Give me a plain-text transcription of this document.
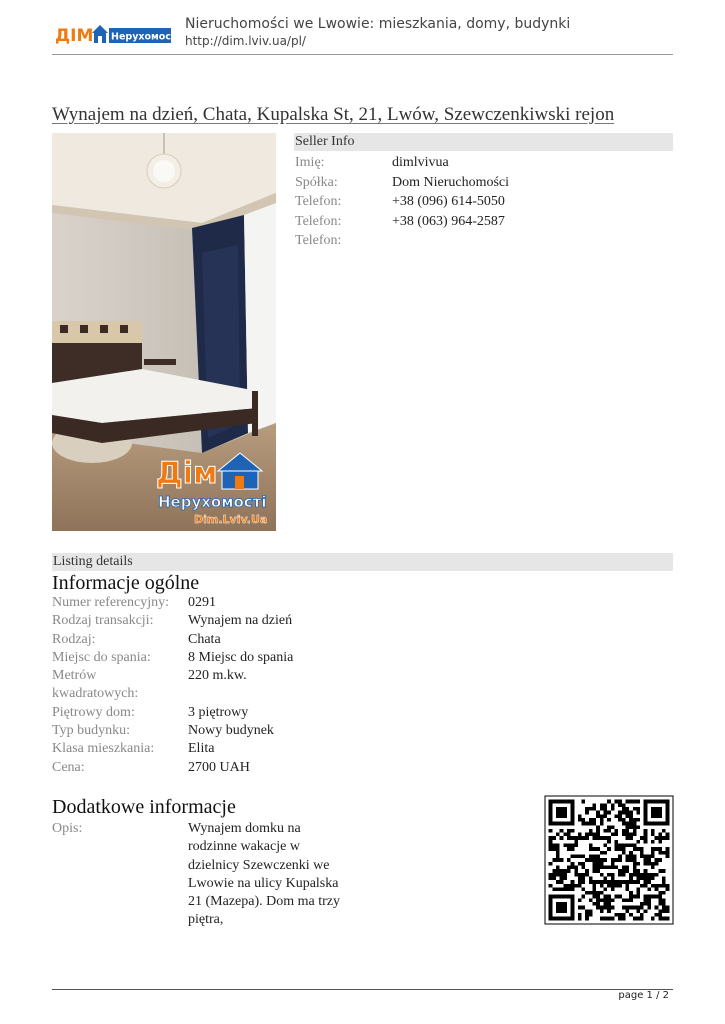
ДІМ Нерухомості
Nieruchomości we Lwowie: mieszkania, domy, budynki
http://dim.lviv.ua/pl/
Wynajem na dzień, Chata, Kupalska St, 21, Lwów, Szewczenkiwski rejon
Дім
Нерухомості
Dim.Lviv.Ua
Seller Info
Imię:	dimlvivua
Spółka:	Dom Nieruchomości
Telefon:	+38 (096) 614-5050
Telefon:	+38 (063) 964-2587
Telefon:
Listing details
Informacje ogólne
Numer referencyjny:	0291
Rodzaj transakcji:	Wynajem na dzień
Rodzaj:	Chata
Miejsc do spania:	8 Miejsc do spania
Metrów kwadratowych:
220 m.kw.
Piętrowy dom:	3 piętrowy
Typ budynku:	Nowy budynek
Klasa mieszkania:	Elita
Cena:	2700 UAH
Dodatkowe informacje
Opis:	Wynajem domku na rodzinne wakacje w dzielnicy Szewczenki we Lwowie na ulicy Kupalska 21 (Mazepa). Dom ma trzy piętra,
page 1 / 2
